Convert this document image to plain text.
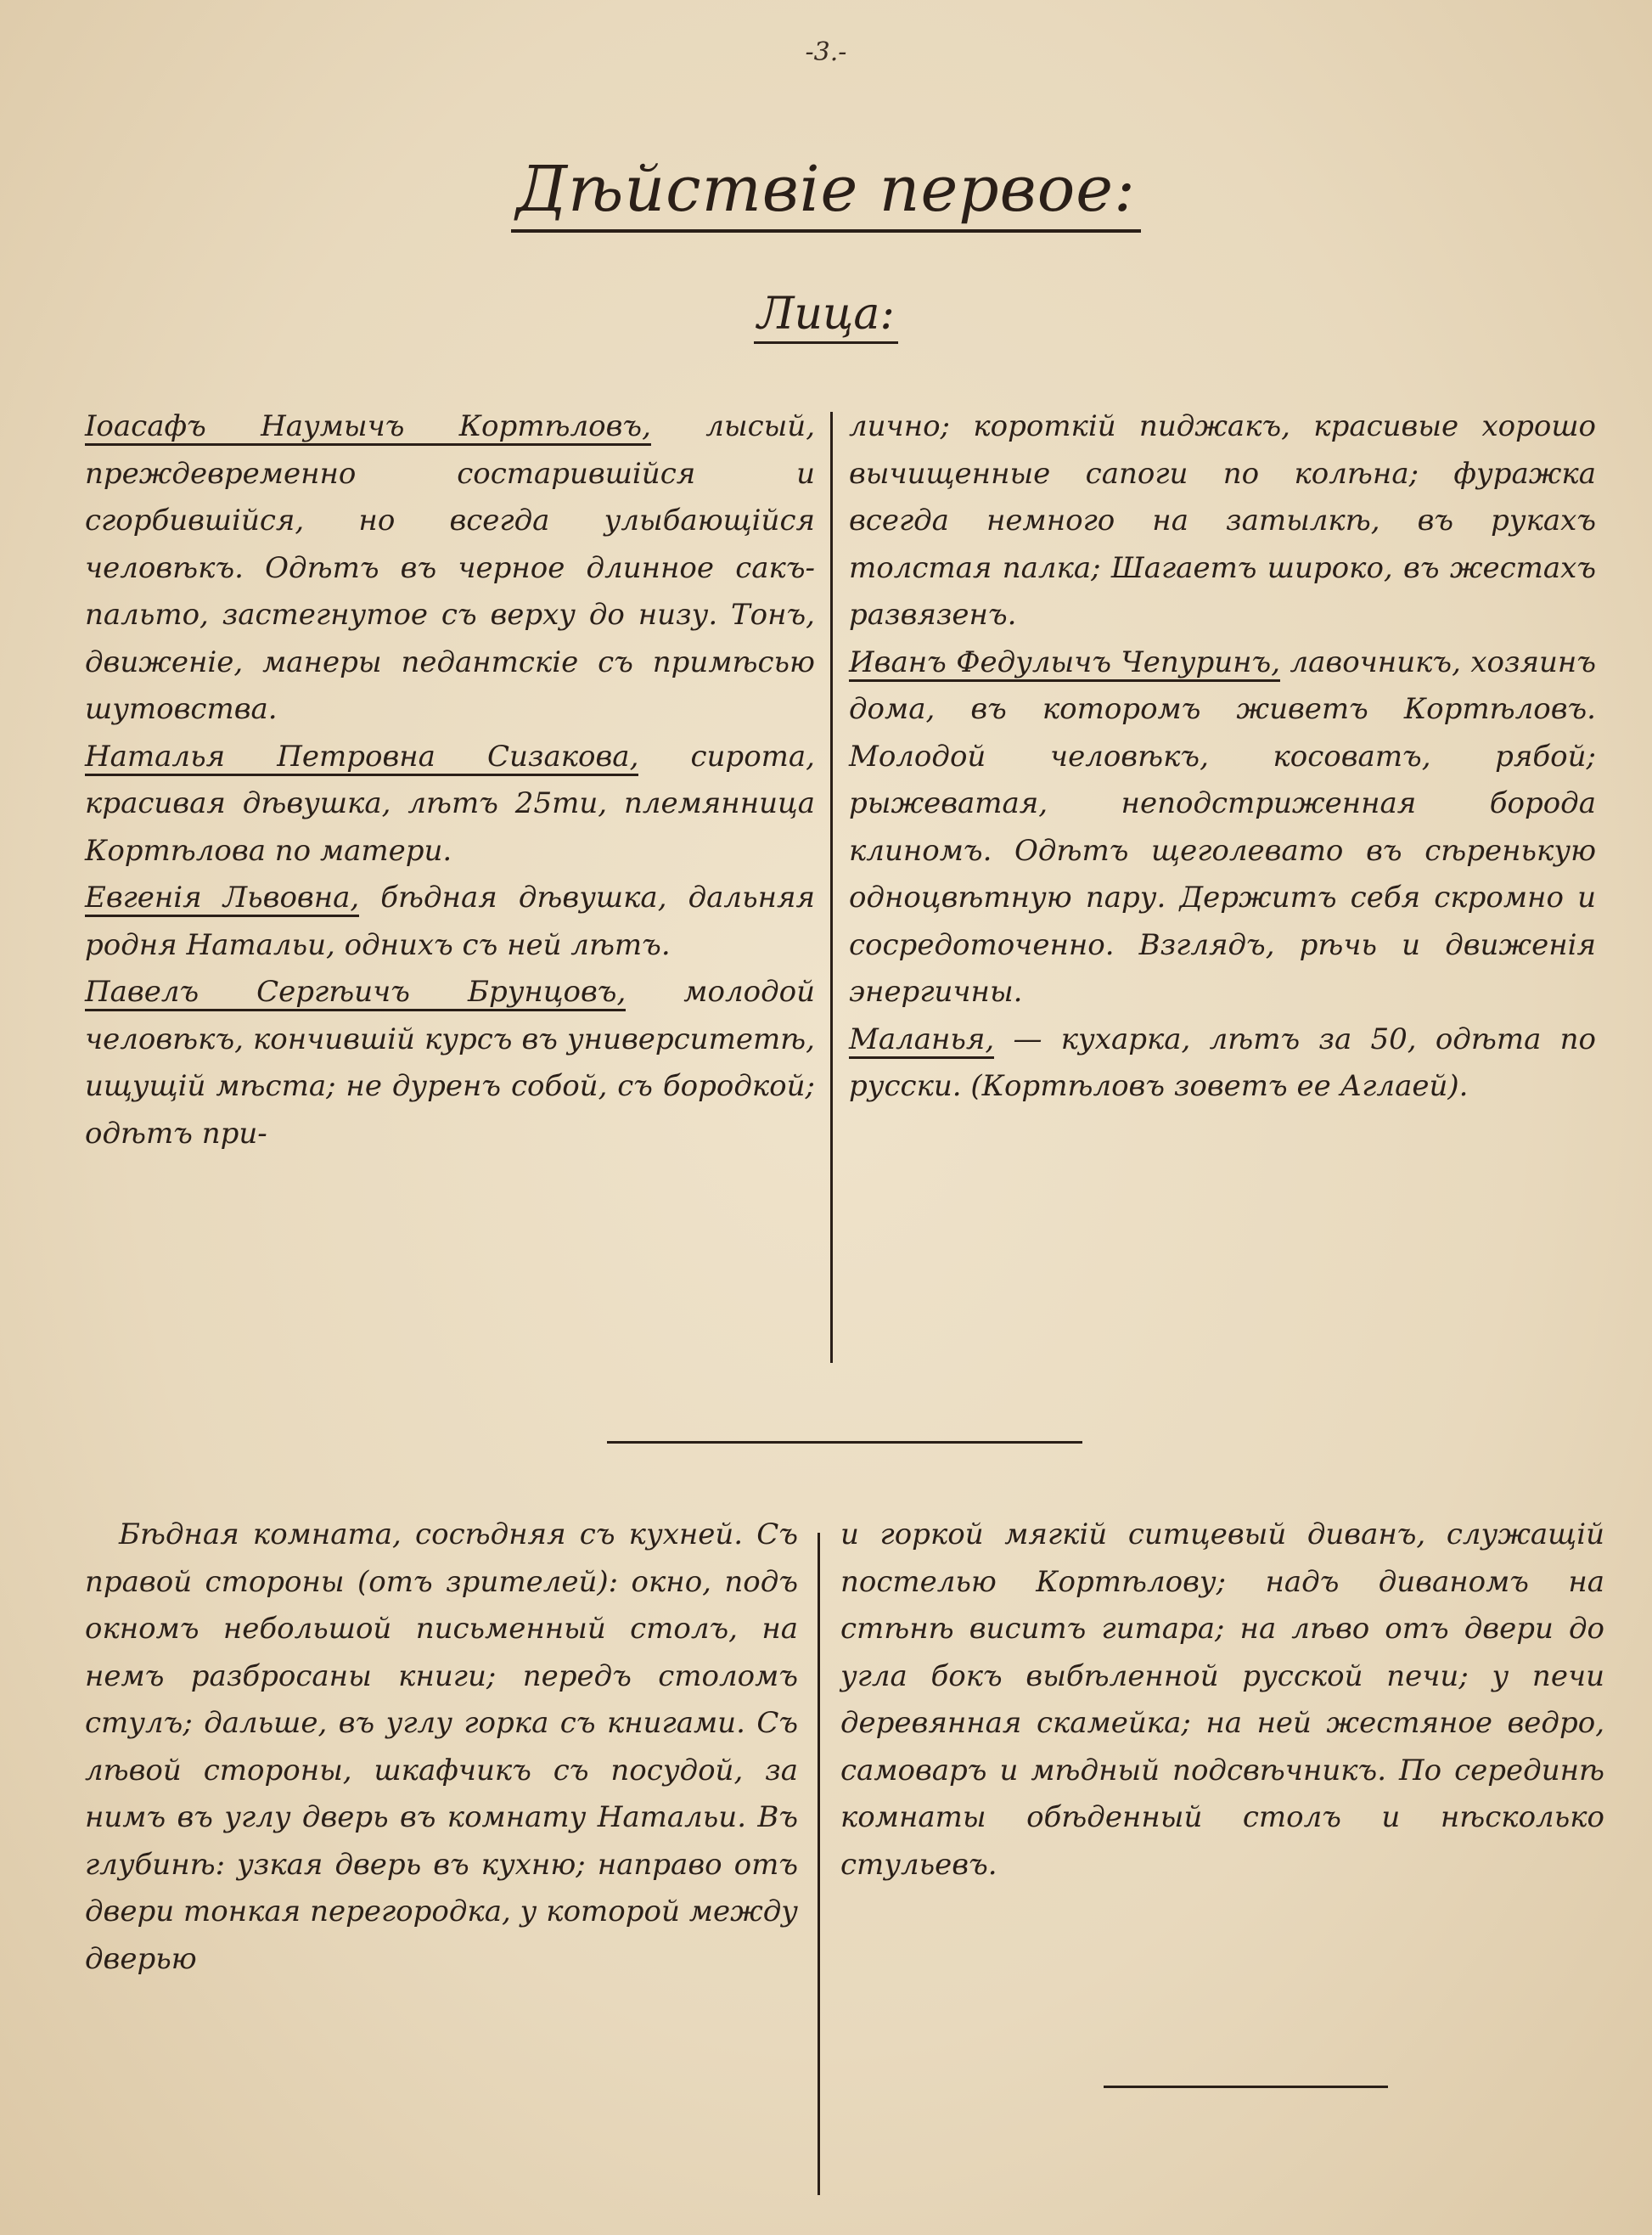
-3.-
Дѣйствіе первое:
Лица:

Іоасафъ Наумычъ Кортѣловъ, лысый, преждевременно состарившійся и сгорбившійся, но всегда улыбающійся человѣкъ. Одѣтъ въ черное длинное сакъ-пальто, застегнутое съ верху до низу. Тонъ, движенiе, манеры педантскіе съ примѣсью шутовства.

Наталья Петровна Сизакова, сирота, красивая дѣвушка, лѣтъ 25ти, племянница Кортѣлова по матери.

Евгенія Львовна, бѣдная дѣвушка, дальняя родня Натальи, однихъ съ ней лѣтъ.

Павелъ Сергѣичъ Брунцовъ, молодой человѣкъ, кончившій курсъ въ университетѣ, ищущій мѣста; не дуренъ собой, съ бородкой; одѣтъ при-

лично; короткій пиджакъ, красивые хорошо вычищенные сапоги по колѣна; фуражка всегда немного на затылкѣ, въ рукахъ толстая палка; Шагаетъ широко, въ жестахъ развязенъ.

Иванъ Федулычъ Чепуринъ, лавочникъ, хозяинъ дома, въ которомъ живетъ Кортѣловъ. Молодой человѣкъ, косоватъ, рябой; рыжеватая, неподстриженная борода клиномъ. Одѣтъ щеголевато въ сѣренькую одноцвѣтную пару. Держитъ себя скромно и сосредоточенно. Взглядъ, рѣчь и движенія энергичны.

Маланья, — кухарка, лѣтъ за 50, одѣта по русски. (Кортѣловъ зоветъ ее Аглаей).

Бѣдная комната, сосѣдняя съ кухней. Съ правой стороны (отъ зрителей): окно, подъ окномъ небольшой письменный столъ, на немъ разбросаны книги; передъ столомъ стулъ; дальше, въ углу горка съ книгами. Съ лѣвой стороны, шкафчикъ съ посудой, за нимъ въ углу дверь въ комнату Натальи. Въ глубинѣ: узкая дверь въ кухню; направо отъ двери тонкая перегородка, у которой между дверью

и горкой мягкій ситцевый диванъ, служащій постелью Кортѣлову; надъ диваномъ на стѣнѣ виситъ гитара; на лѣво отъ двери до угла бокъ выбѣленной русской печи; у печи деревянная скамейка; на ней жестяное ведро, самоваръ и мѣдный подсвѣчникъ. По серединѣ комнаты обѣденный столъ и нѣсколько стульевъ.
